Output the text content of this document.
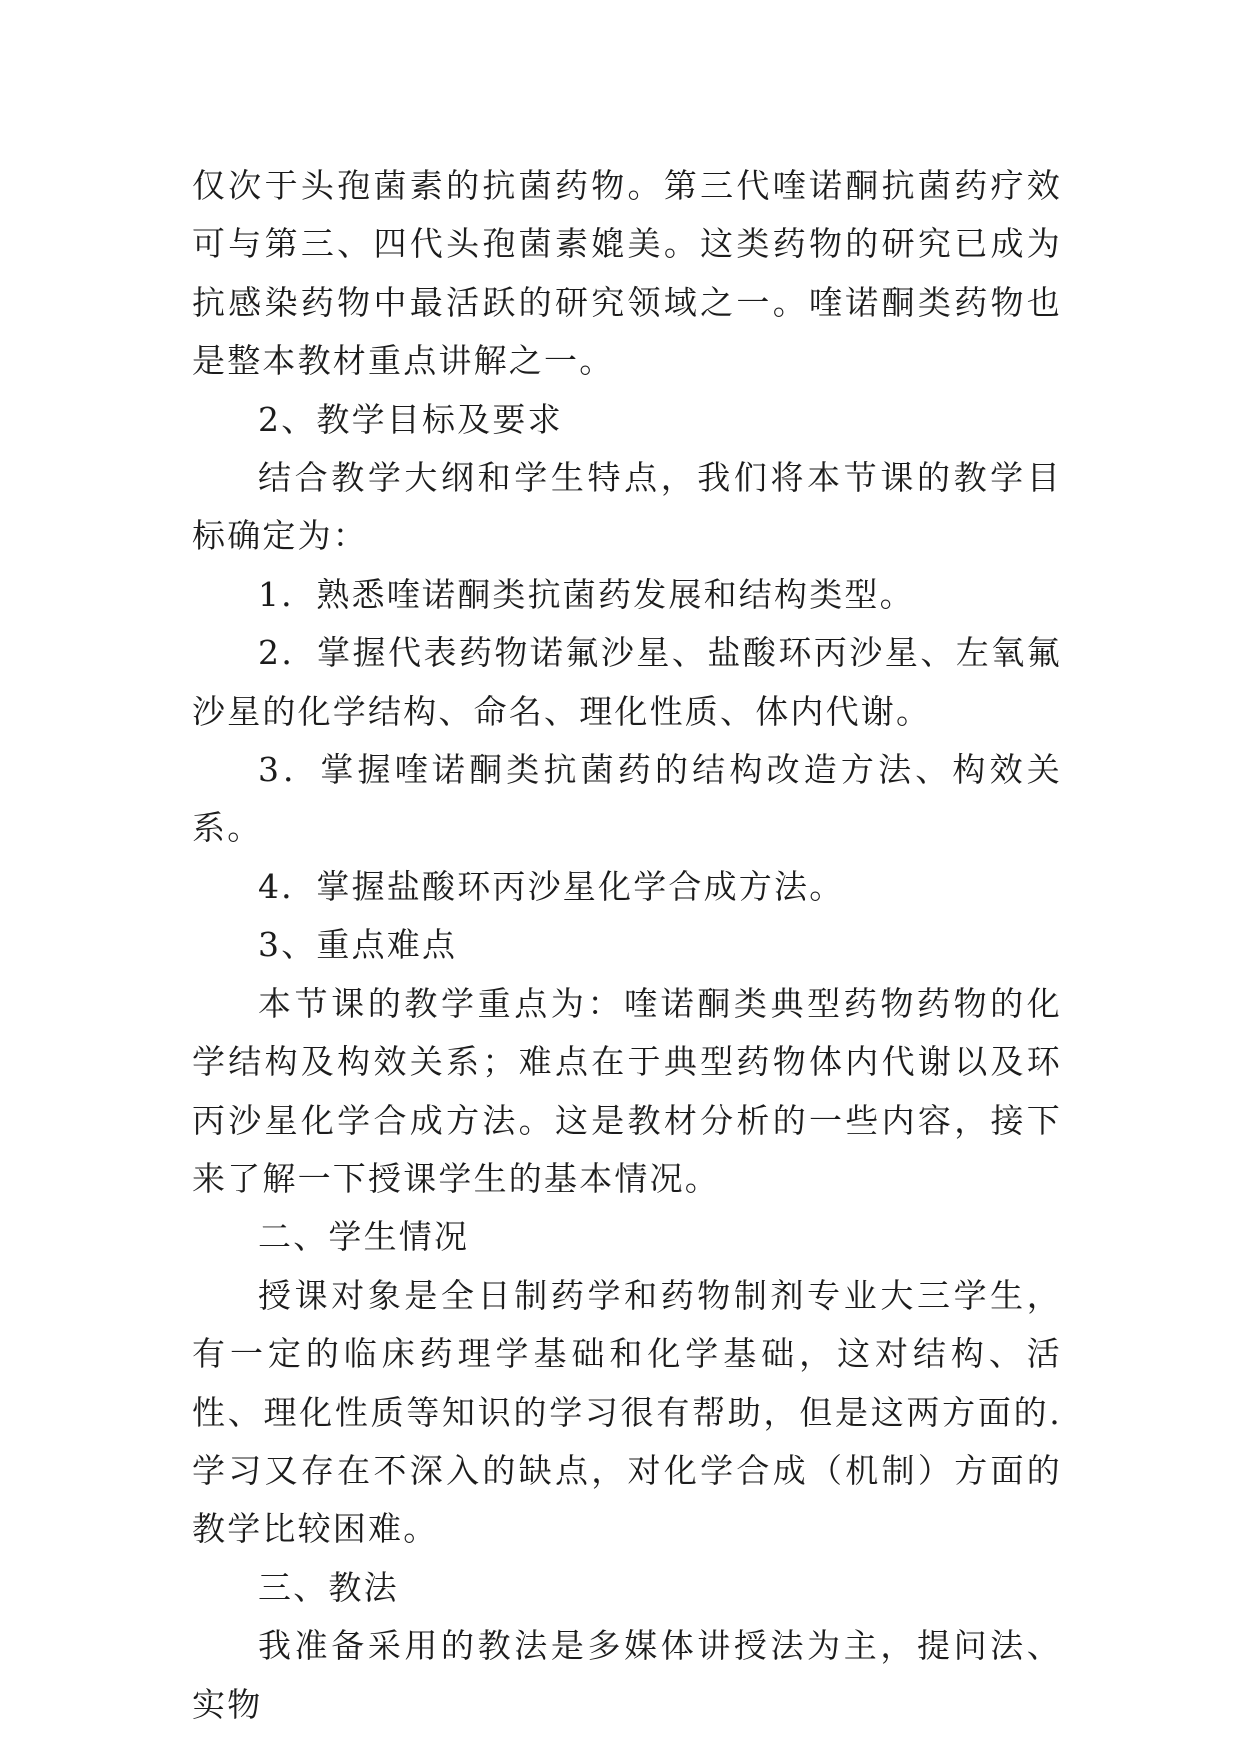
仅次于头孢菌素的抗菌药物。第三代喹诺酮抗菌药疗效可与第三、四代头孢菌素媲美。这类药物的研究已成为抗感染药物中最活跃的研究领域之一。喹诺酮类药物也是整本教材重点讲解之一。

2、教学目标及要求

结合教学大纲和学生特点，我们将本节课的教学目标确定为：

1．熟悉喹诺酮类抗菌药发展和结构类型。

2．掌握代表药物诺氟沙星、盐酸环丙沙星、左氧氟沙星的化学结构、命名、理化性质、体内代谢。

3．掌握喹诺酮类抗菌药的结构改造方法、构效关系。

4．掌握盐酸环丙沙星化学合成方法。

3、重点难点

本节课的教学重点为：喹诺酮类典型药物药物的化学结构及构效关系；难点在于典型药物体内代谢以及环丙沙星化学合成方法。这是教材分析的一些内容，接下来了解一下授课学生的基本情况。

二、学生情况

授课对象是全日制药学和药物制剂专业大三学生，有一定的临床药理学基础和化学基础，这对结构、活性、理化性质等知识的学习很有帮助，但是这两方面的.学习又存在不深入的缺点，对化学合成（机制）方面的教学比较困难。

三、教法

我准备采用的教法是多媒体讲授法为主，提问法、实物
